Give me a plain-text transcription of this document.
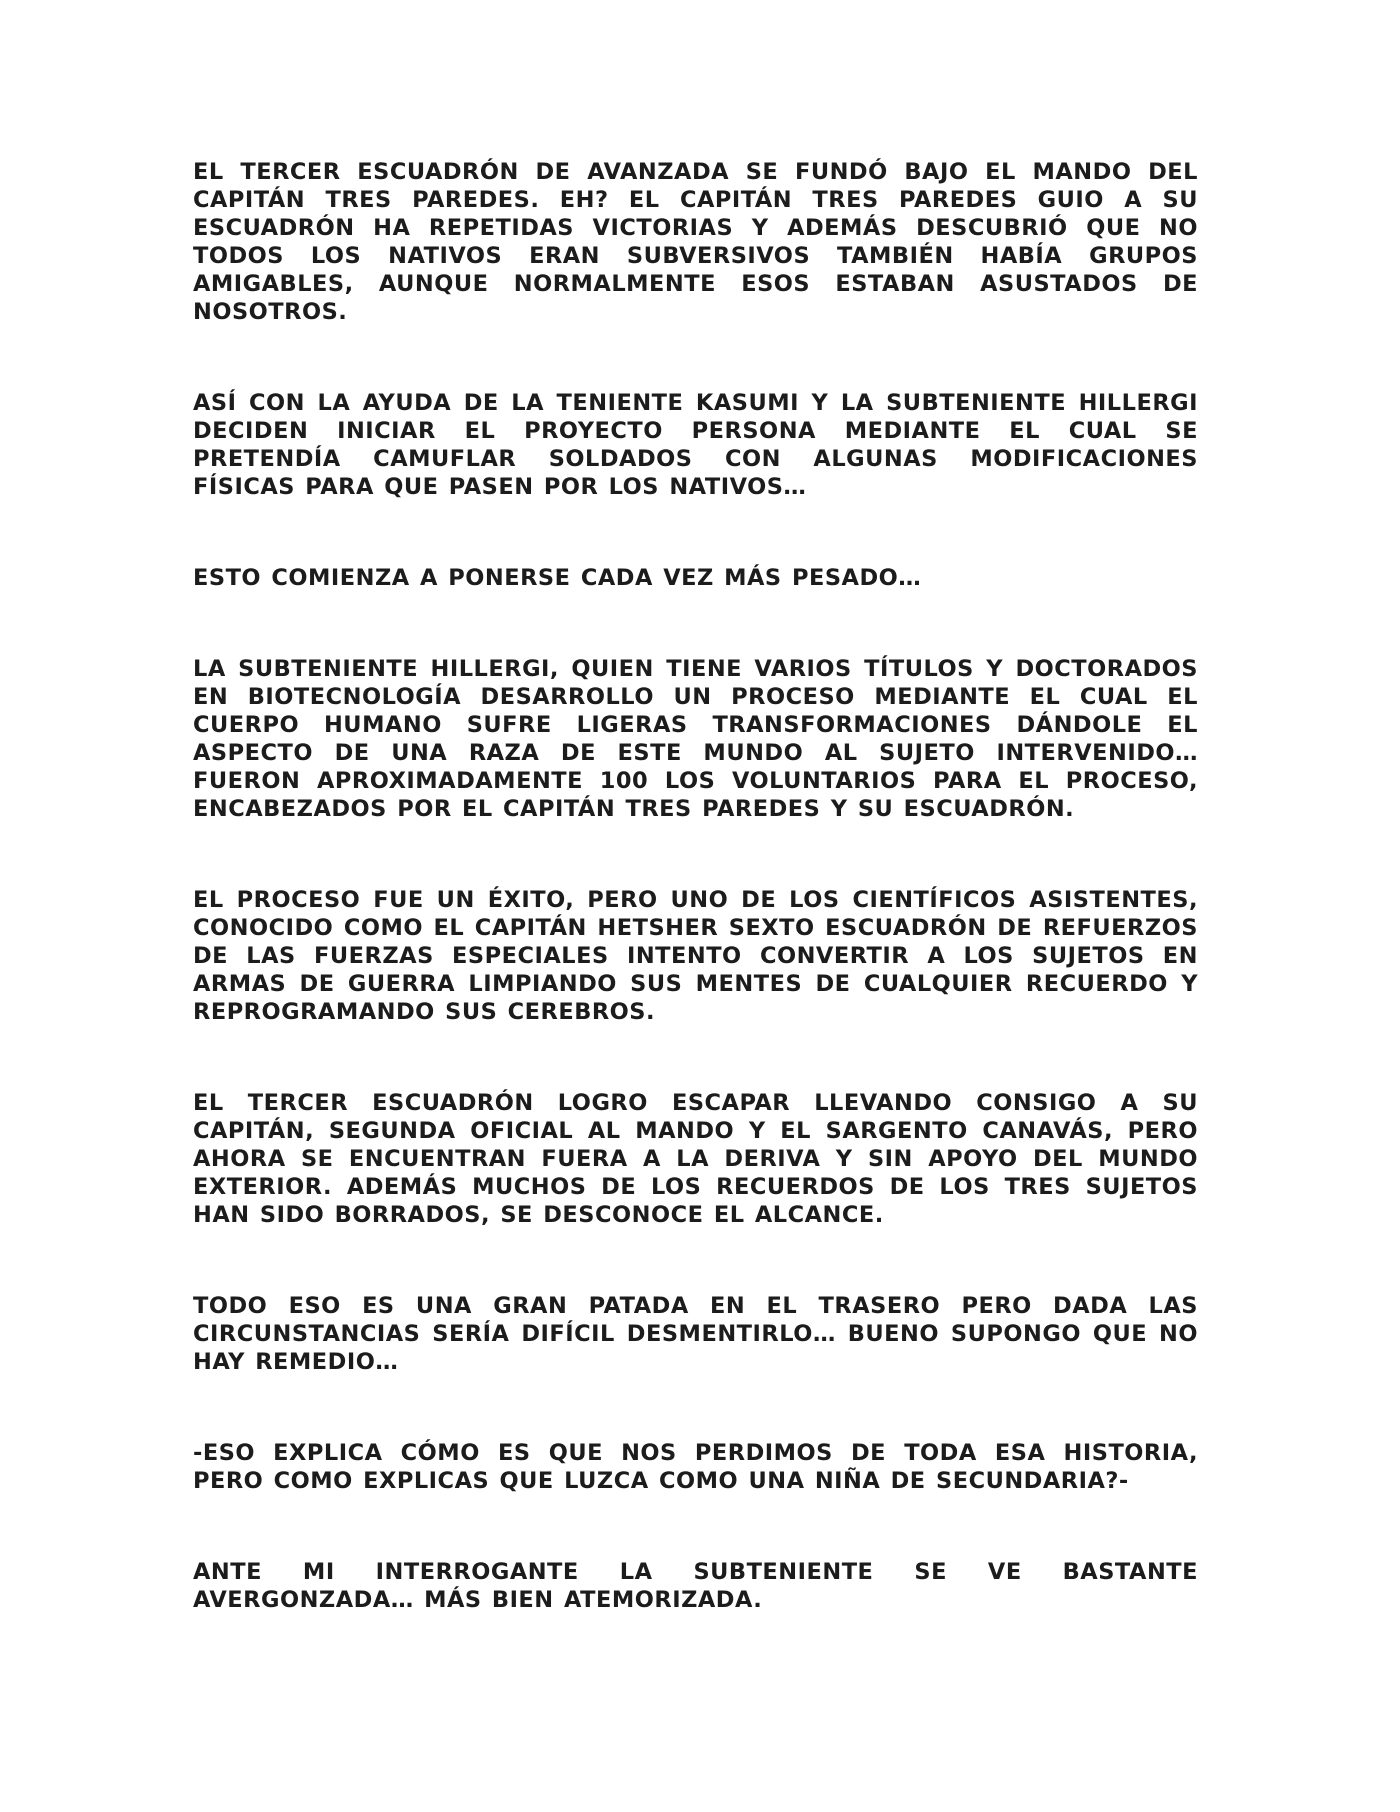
EL TERCER ESCUADRÓN DE AVANZADA SE FUNDÓ BAJO EL MANDO DEL CAPITÁN TRES PAREDES. EH? EL CAPITÁN TRES PAREDES GUIO A SU ESCUADRÓN HA REPETIDAS VICTORIAS Y ADEMÁS DESCUBRIÓ QUE NO TODOS LOS NATIVOS ERAN SUBVERSIVOS TAMBIÉN HABÍA GRUPOS AMIGABLES, AUNQUE NORMALMENTE ESOS ESTABAN ASUSTADOS DE NOSOTROS.

ASÍ CON LA AYUDA DE LA TENIENTE KASUMI Y LA SUBTENIENTE HILLERGI DECIDEN INICIAR EL PROYECTO PERSONA MEDIANTE EL CUAL SE PRETENDÍA CAMUFLAR SOLDADOS CON ALGUNAS MODIFICACIONES FÍSICAS PARA QUE PASEN POR LOS NATIVOS…

ESTO COMIENZA A PONERSE CADA VEZ MÁS PESADO…

LA SUBTENIENTE HILLERGI, QUIEN TIENE VARIOS TÍTULOS Y DOCTORADOS EN BIOTECNOLOGÍA DESARROLLO UN PROCESO MEDIANTE EL CUAL EL CUERPO HUMANO SUFRE LIGERAS TRANSFORMACIONES DÁNDOLE EL ASPECTO DE UNA RAZA DE ESTE MUNDO AL SUJETO INTERVENIDO… FUERON APROXIMADAMENTE 100 LOS VOLUNTARIOS PARA EL PROCESO, ENCABEZADOS POR EL CAPITÁN TRES PAREDES Y SU ESCUADRÓN.

EL PROCESO FUE UN ÉXITO, PERO UNO DE LOS CIENTÍFICOS ASISTENTES, CONOCIDO COMO EL CAPITÁN HETSHER SEXTO ESCUADRÓN DE REFUERZOS DE LAS FUERZAS ESPECIALES INTENTO CONVERTIR A LOS SUJETOS EN ARMAS DE GUERRA LIMPIANDO SUS MENTES DE CUALQUIER RECUERDO Y REPROGRAMANDO SUS CEREBROS.

EL TERCER ESCUADRÓN LOGRO ESCAPAR LLEVANDO CONSIGO A SU CAPITÁN, SEGUNDA OFICIAL AL MANDO Y EL SARGENTO CANAVÁS, PERO AHORA SE ENCUENTRAN FUERA A LA DERIVA Y SIN APOYO DEL MUNDO EXTERIOR. ADEMÁS MUCHOS DE LOS RECUERDOS DE LOS TRES SUJETOS HAN SIDO BORRADOS, SE DESCONOCE EL ALCANCE.

TODO ESO ES UNA GRAN PATADA EN EL TRASERO PERO DADA LAS CIRCUNSTANCIAS SERÍA DIFÍCIL DESMENTIRLO… BUENO SUPONGO QUE NO HAY REMEDIO…

-ESO EXPLICA CÓMO ES QUE NOS PERDIMOS DE TODA ESA HISTORIA, PERO COMO EXPLICAS QUE LUZCA COMO UNA NIÑA DE SECUNDARIA?-

ANTE MI INTERROGANTE LA SUBTENIENTE SE VE BASTANTE AVERGONZADA… MÁS BIEN ATEMORIZADA.
